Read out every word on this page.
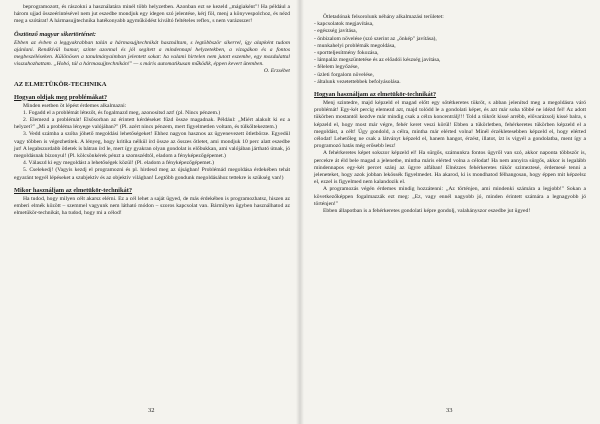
beprogramozott, és rászokni a használatára minél több helyzetben. Azonban ezt se kezeld „mágiaként"! Ha például a három ujjad összeérintésével nem jut eszedbe mondjuk egy idegen szó jelentése, kérj föl, menj a könyvespolchoz, és nézd meg a szótárat! A hármasujjtechnika hatékonyabb agyműködést kiváltó feltételes reflex, s nem varázsszer!

Ösztönző magyar sikertörténet:

Ebben az évben a leggyakrabban talán a hármasujjtechnikát használtam, s legtöbbször sikerrel, így alapként tudom ajánlani. Rendkívül hamar, szinte azonnal és jól segített a mindennapi helyzetekben, a vizsgákon és a fontos megbeszéléseken. Különösen a tanulmányaimban jelentett sokat: ha valami hirtelen nem jutott eszembe, egy mozdulattal visszahozhattam. „Hobó, túl a hármasujjtechnikán!" — s máris automatikusan működik, éppen kevert ütemben.

O. Erzsébet

AZ ELMETÜKÖR-TECHNIKA
Hogyan oldjak meg problémákat?

Minden esetben öt lépést érdemes alkalmazni:

1. Fogadd el a problémát létezőt, és fogalmazd meg, azonosítsd azt! (pl. Nincs pénzem.)

2. Elemezd a problémát! Elsősorban az érintett kérdéseket fűzd össze magadnak. Például: „Miért alakult ki ez a helyzet?" „Mi a probléma lényege valójában?" (Pl. azért nincs pénzem, mert figyelmetlen voltam, és túlköltekeztem.)

3. Vedd számba a szóba jöhető megoldási lehetőségeket! Ehhez nagyon hasznos az ügyenevezett ötletbörze. Egyedül vagy többen is végezhetitek. A lényeg, hogy kritika nélkül írd össze az összes ötletet, ami mondjuk 10 perc alatt eszedbe jut! A legabszurdabb ötletek is bátran írd le, mert így gyakran olyan gondolat is előbukkan, ami valójában jártható útnak, jó megoldásnak bizonyul! (Pl. kölcsönkérek pénzt a szomszédtól, eladom a fényképezőgépemet.)

4. Válaszd ki egy megoldást a lehetőségek közül! (Pl. eladom a fényképezőgépemet.)

5. Cselekedj! (Vagyis kezdj el programozni és pl. hirdesd meg az újságban! Problémád megoldása érdekében tehát egyaránt tegyél lépéseket a szubjektív és az objektív világban! Legtöbb gondunk megoldásához tettekre is szükség van!)

Mikor használjam az elmetükör-technikát?

Ha tudod, hogy milyen célt akarsz elérni. Ez a cél lehet a saját ügyed, de más érdekében is programozhatsz, hiszen az emberi elmék között – szemmel vagyunk nem látható módon – szoros kapcsolat van. Bármilyen ügyben használhatod az elmetükör-technikát, ha tudod, hogy mi a célod!

32

Ötletadónak felsorolunk néhány alkalmazási területet:

- kapcsolatok megjavítása,
- egészség javítása,
- önbizalom növelése (szó szerint az „önkép" javítása),
- munkahelyi problémák megoldása,
- sportteljesítmény fokozása,
- lámpaláz megszüntetése és az előadói készség javítása,
- félelem legyőzése,
- üzleti forgalom növelése,
- általunk vezetettebbek befolyásolása.
Hogyan használjam az elmetükör-technikát?

Menj szintedre, majd képzeld el magad előtt egy sötétkeretes tükröt, s abban jelenítsd meg a megoldásra váró problémát! Egy-két percig elemezd azt, majd tolódd le a gondolati képet, és azt már soha többé ne idézd fel! Az adott tükörben mostantól kezdve már mindig csak a célra koncentrálj!!! Told a tükröt kissé arrébb, elővarázsolj kissé balra, s képzeld el, hogy most már végre, fehér keret veszi körül! Ebben a tükörletben, fehérkeretes tükörben képzeld el a megoldást, a célt! Úgy gondold, a célra, mintha már elérted volna! Minél érzékletesebben képzeld el, hogy elérted célodat! Lehetőleg ne csak a látványt képzeld el, hanem hangot, érzést, illatot, ízt is vigyél a gondolatba, ment így a programozó hatás még erősebb lesz!

A fehérkeretes képet sokszor képzeld el! Ha sürgős, számunkra fontos ügyről van szó, akkor naponta többször is, percekre át éld bele magad a jelenetbe, mintha máris elérted volna a célodat! Ha nem annyira sürgős, akkor is legalább mindennapos egy-két percet szánj az ügyre alfában! Elnézzes fehérkeretes tükör szimeztesé, érdemesé tenni a jeleneteket, hogy azok jobban lekössék figyelmedet. Ha akarod, ki is mondhatod félhangosan, hogy éppen mit képzelsz el, ezzel is figyelmed nem kalandozik el.

A programozás végén érdemes mindig hozzátenni: „Az történjen, ami mindenki számára a legjobb!" Sokan a következőképpen fogalmazzák ezt meg: „Ez, vagy ennél nagyobb jó, minden érintett számára a legnagyobb jó történjen!"

Ebben állapotban is a fehérkeretes gondolati képre gondolj, valahányszor eszedbe jut ügyed!

33
